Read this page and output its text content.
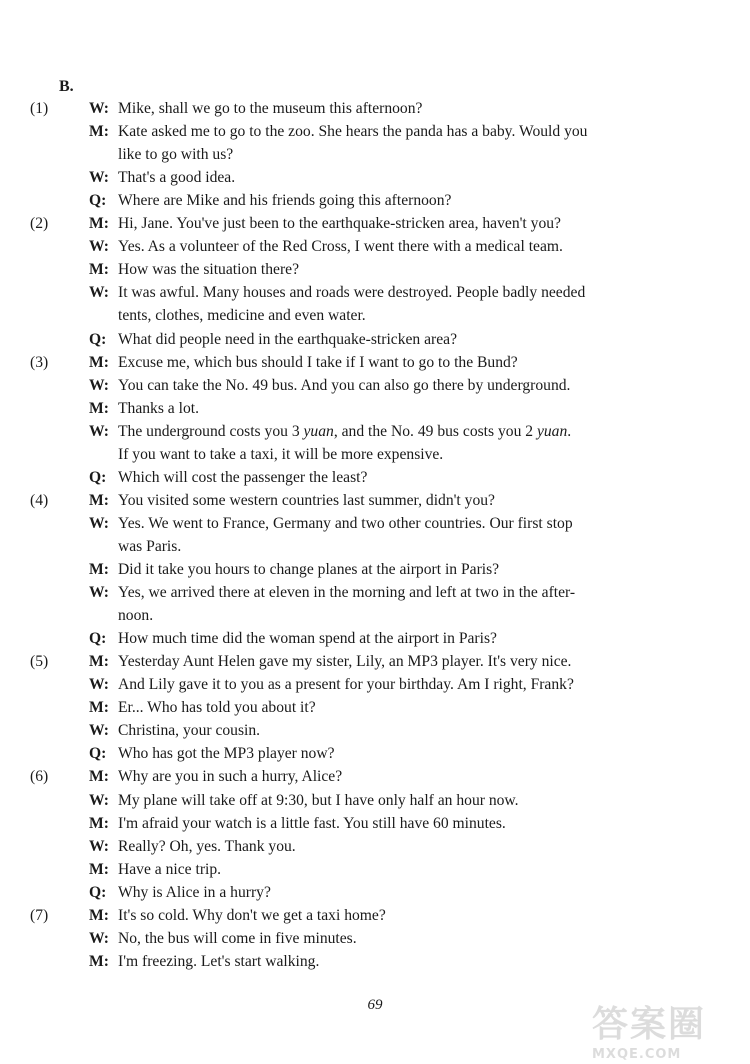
B.
(1)	W: Mike, shall we go to the museum this afternoon?
M: Kate asked me to go to the zoo. She hears the panda has a baby. Would you
like to go with us?
W: That's a good idea.
Q: Where are Mike and his friends going this afternoon?
(2)	M: Hi, Jane. You've just been to the earthquake-stricken area, haven't you?
W: Yes. As a volunteer of the Red Cross, I went there with a medical team.
M: How was the situation there?
W: It was awful. Many houses and roads were destroyed. People badly needed
tents, clothes, medicine and even water.
Q: What did people need in the earthquake-stricken area?
(3)	M: Excuse me, which bus should I take if I want to go to the Bund?
W: You can take the No. 49 bus. And you can also go there by underground.
M: Thanks a lot.
W: The underground costs you 3 yuan, and the No. 49 bus costs you 2 yuan.
If you want to take a taxi, it will be more expensive.
Q: Which will cost the passenger the least?
(4)	M: You visited some western countries last summer, didn't you?
W: Yes. We went to France, Germany and two other countries. Our first stop
was Paris.
M: Did it take you hours to change planes at the airport in Paris?
W: Yes, we arrived there at eleven in the morning and left at two in the after-
noon.
Q: How much time did the woman spend at the airport in Paris?
(5)	M: Yesterday Aunt Helen gave my sister, Lily, an MP3 player. It's very nice.
W: And Lily gave it to you as a present for your birthday. Am I right, Frank?
M: Er... Who has told you about it?
W: Christina, your cousin.
Q: Who has got the MP3 player now?
(6)	M: Why are you in such a hurry, Alice?
W: My plane will take off at 9:30, but I have only half an hour now.
M: I'm afraid your watch is a little fast. You still have 60 minutes.
W: Really? Oh, yes. Thank you.
M: Have a nice trip.
Q: Why is Alice in a hurry?
(7)	M: It's so cold. Why don't we get a taxi home?
W: No, the bus will come in five minutes.
M: I'm freezing. Let's start walking.
69	答案圈
MXQE.COM
